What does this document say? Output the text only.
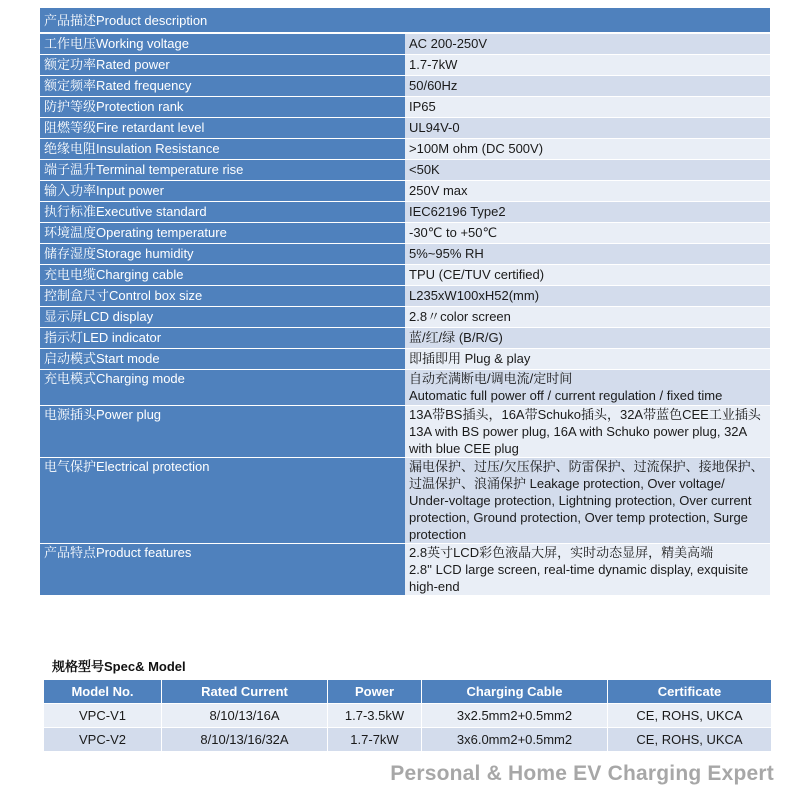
产品描述Product description	
工作电压Working voltage	AC 200-250V
额定功率Rated power	1.7-7kW
额定频率Rated frequency	50/60Hz
防护等级Protection rank	IP65
阻燃等级Fire retardant level	UL94V-0
绝缘电阻Insulation Resistance	>100M ohm (DC 500V)
端子温升Terminal temperature rise	<50K
输入功率Input power	250V max
执行标准Executive standard	IEC62196 Type2
环境温度Operating temperature	-30℃ to +50℃
储存湿度Storage humidity	5%~95% RH
充电电缆Charging cable	TPU (CE/TUV certified)
控制盒尺寸Control box size	L235xW100xH52(mm)
显示屏LCD display	2.8〃color screen
指示灯LED indicator	蓝/红/绿 (B/R/G)
启动模式Start mode	即插即用 Plug & play
充电模式Charging mode	自动充满断电/调电流/定时间
Automatic full power off / current regulation / fixed time
电源插头Power plug	13A带BS插头，16A带Schuko插头，32A带蓝色CEE工业插头
13A with BS power plug, 16A with Schuko power plug, 32A with blue CEE plug
电气保护Electrical protection	漏电保护、过压/欠压保护、防雷保护、过流保护、接地保护、过温保护、浪涌保护 Leakage protection, Over voltage/ Under-voltage protection, Lightning protection, Over current protection, Ground protection, Over temp protection, Surge protection
产品特点Product features	2.8英寸LCD彩色液晶大屏，实时动态显屏，精美高端
2.8'' LCD large screen, real-time dynamic display, exquisite high-end
规格型号Spec& Model
Model No.	Rated Current	Power	Charging Cable	Certificate
VPC-V1	8/10/13/16A	1.7-3.5kW	3x2.5mm2+0.5mm2	CE, ROHS, UKCA
VPC-V2	8/10/13/16/32A	1.7-7kW	3x6.0mm2+0.5mm2	CE, ROHS, UKCA
Personal & Home EV Charging Expert
